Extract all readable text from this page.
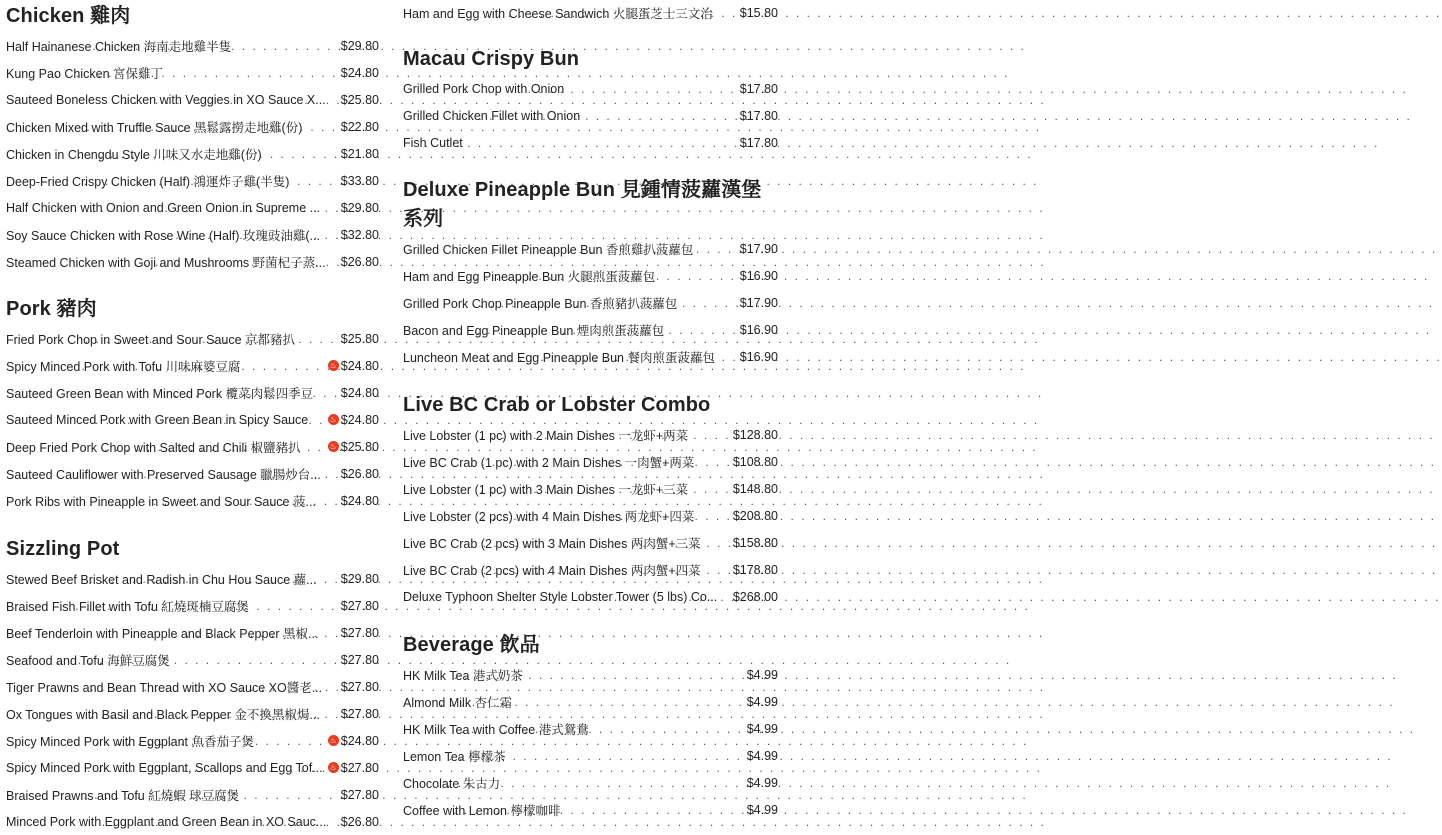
Chicken 雞肉
Half Hainanese Chicken 海南走地雞半隻 . . .	$29.80
Kung Pao Chicken 宮保雞丁 . . .	$24.80
Sauteed Boneless Chicken with Veggies in XO Sauce X... . . . $25.80
Chicken Mixed with Truffle Sauce 黑鬆露撈走地雞(份) . . .	$22.80
Chicken in Chengdu Style 川味又水走地雞(份) . . .	$21.80
Deep-Fried Crispy Chicken (Half) 鴻運炸子雞(半隻) . . .	$33.80
Half Chicken with Onion and Green Onion in Supreme ... . . . $29.80
Soy Sauce Chicken with Rose Wine (Half) 玫瑰豉油雞(... . . . $32.80
Steamed Chicken with Goji and Mushrooms 野菌杞子蒸... . . . $26.80
Pork 豬肉
Fried Pork Chop in Sweet and Sour Sauce 京都豬扒 . . .	$25.80
Spicy Minced Pork with Tofu 川味麻婆豆腐 . . .	♨ $24.80
Sauteed Green Bean with Minced Pork 欖菜肉鬆四季豆 . . . $24.80
Sauteed Minced Pork with Green Bean in Spicy Sauce . . .	♨ $24.80
Deep Fried Pork Chop with Salted and Chili 椒鹽豬扒 . . .	♨ $25.80
Sauteed Cauliflower with Preserved Sausage 臘腸炒台... . . . $26.80
Pork Ribs with Pineapple in Sweet and Sour Sauce 菠... . . . $24.80
Sizzling Pot
Stewed Beef Brisket and Radish in Chu Hou Sauce 蘿... . . . $29.80
Braised Fish Fillet with Tofu 紅燒斑楠豆腐煲 . . .	$27.80
Beef Tenderloin with Pineapple and Black Pepper 黑椒... . . . $27.80
Seafood and Tofu 海鮮豆腐煲 . . .	$27.80
Tiger Prawns and Bean Thread with XO Sauce XO醬老... . . . $27.80
Ox Tongues with Basil and Black Pepper 金不換黑椒焗... . . . $27.80
Spicy Minced Pork with Eggplant 魚香茄子煲 . . .	♨ $24.80
Spicy Minced Pork with Eggplant, Scallops and Egg Tof... . . . ♨ $27.80
Braised Prawns and Tofu 紅燒蝦 球豆腐煲 . . .	$27.80
Minced Pork with Eggplant and Green Bean in XO Sauc... . . . $26.80
Ham and Egg with Cheese Sandwich 火腿蛋芝士三文治 . . . $15.80
Macau Crispy Bun
Grilled Pork Chop with Onion . . .	$17.80
Grilled Chicken Fillet with Onion . . .	$17.80
Fish Cutlet . . .	$17.80
Deluxe Pineapple Bun 見鍾情菠蘿漢堡系列
Grilled Chicken Fillet Pineapple Bun 香煎雞扒菠蘿包 . . .	$17.90
Ham and Egg Pineapple Bun 火腿煎蛋菠蘿包 . . .	$16.90
Grilled Pork Chop Pineapple Bun 香煎豬扒菠蘿包 . . .	$17.90
Bacon and Egg Pineapple Bun 煙肉煎蛋菠蘿包 . . .	$16.90
Luncheon Meat and Egg Pineapple Bun 餐肉煎蛋菠蘿包 . . . $16.90
Live BC Crab or Lobster Combo
Live Lobster (1 pc) with 2 Main Dishes 一龙虾+两菜 . . .	$128.80
Live BC Crab (1 pc) with 2 Main Dishes 一肉蟹+两菜 . . .	$108.80
Live Lobster (1 pc) with 3 Main Dishes 一龙虾+三菜 . . .	$148.80
Live Lobster (2 pcs) with 4 Main Dishes 两龙虾+四菜 . . .	$208.80
Live BC Crab (2 pcs) with 3 Main Dishes 两肉蟹+三菜 . . .	$158.80
Live BC Crab (2 pcs) with 4 Main Dishes 两肉蟹+四菜 . . .	$178.80
Deluxe Typhoon Shelter Style Lobster Tower (5 lbs) Co... . . . $268.00
Beverage 飲品
HK Milk Tea 港式奶茶 . . .	$4.99
Almond Milk 杏仁霜 . . .	$4.99
HK Milk Tea with Coffee 港式鴛鴦 . . .	$4.99
Lemon Tea 檸檬茶 . . .	$4.99
Chocolate 朱古力 . . .	$4.99
Coffee with Lemon 檸檬咖啡 . . .	$4.99
